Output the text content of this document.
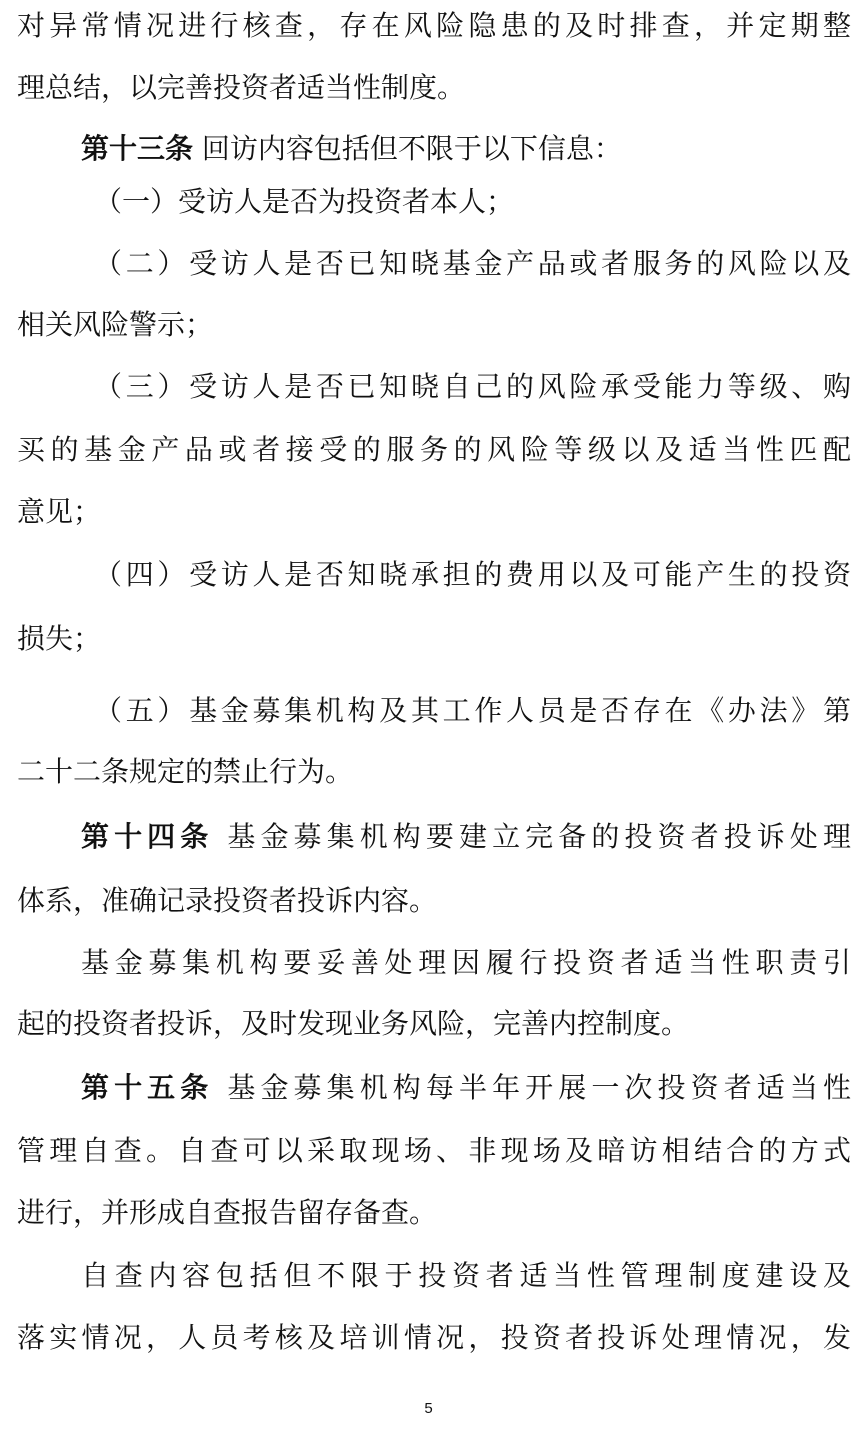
对异常情况进行核查，存在风险隐患的及时排查，并定期整
理总结，以完善投资者适当性制度。
第十三条 回访内容包括但不限于以下信息：
（一）受访人是否为投资者本人；
（二）受访人是否已知晓基金产品或者服务的风险以及
相关风险警示；
（三）受访人是否已知晓自己的风险承受能力等级、购
买的基金产品或者接受的服务的风险等级以及适当性匹配
意见；
（四）受访人是否知晓承担的费用以及可能产生的投资
损失；
（五）基金募集机构及其工作人员是否存在《办法》第
二十二条规定的禁止行为。
第十四条 基金募集机构要建立完备的投资者投诉处理
体系，准确记录投资者投诉内容。
基金募集机构要妥善处理因履行投资者适当性职责引
起的投资者投诉，及时发现业务风险，完善内控制度。
第十五条 基金募集机构每半年开展一次投资者适当性
管理自查。自查可以采取现场、非现场及暗访相结合的方式
进行，并形成自查报告留存备查。
自查内容包括但不限于投资者适当性管理制度建设及
落实情况，人员考核及培训情况，投资者投诉处理情况，发
5
